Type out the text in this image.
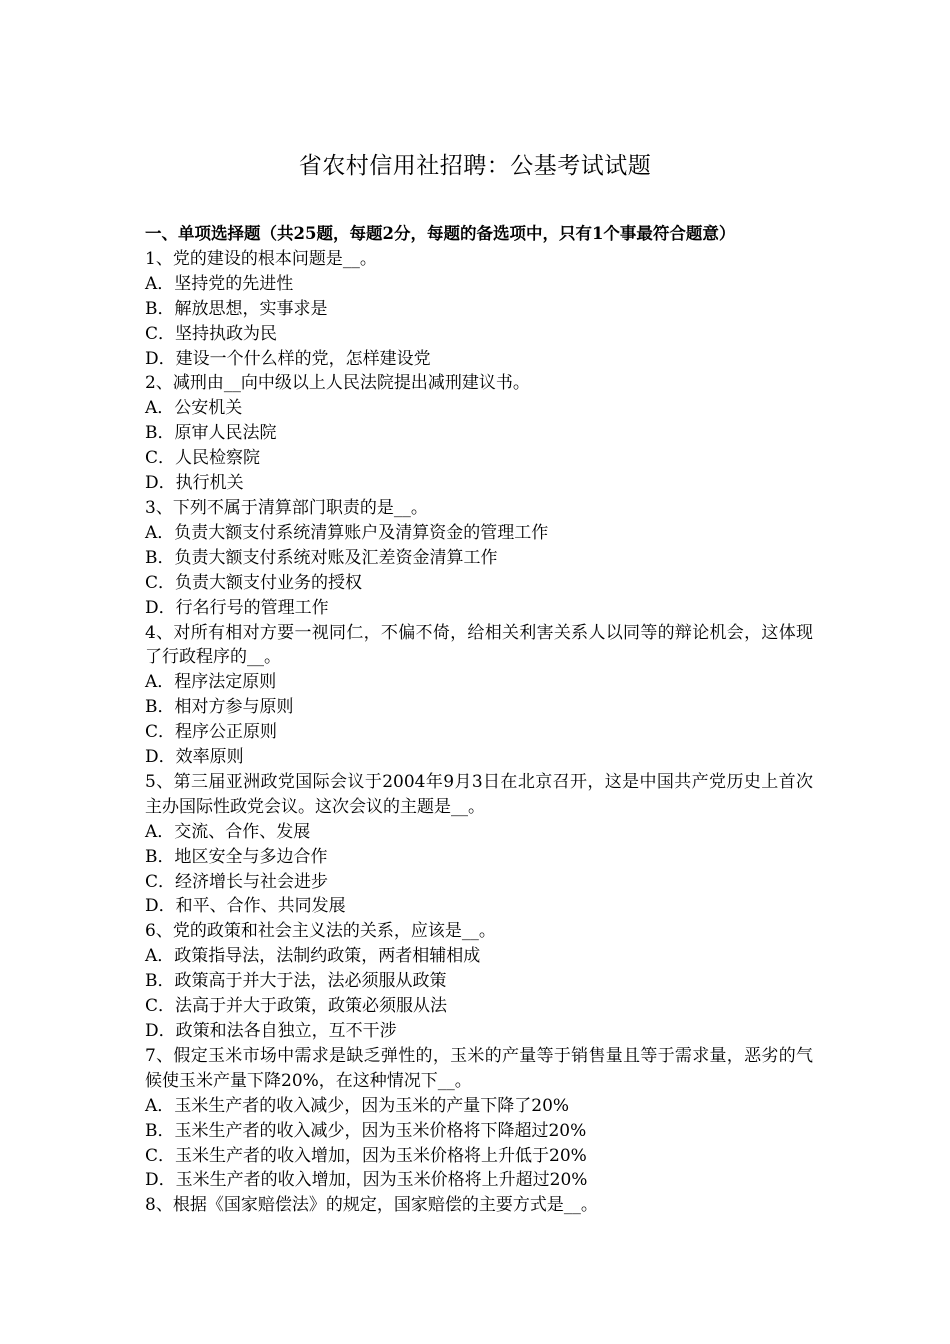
省农村信用社招聘：公基考试试题
一、单项选择题（共25题，每题2分，每题的备选项中，只有1个事最符合题意）
1、党的建设的根本问题是__。
A．坚持党的先进性
B．解放思想，实事求是
C．坚持执政为民
D．建设一个什么样的党，怎样建设党
2、减刑由__向中级以上人民法院提出减刑建议书。
A．公安机关
B．原审人民法院
C．人民检察院
D．执行机关
3、下列不属于清算部门职责的是__。
A．负责大额支付系统清算账户及清算资金的管理工作
B．负责大额支付系统对账及汇差资金清算工作
C．负责大额支付业务的授权
D．行名行号的管理工作
4、对所有相对方要一视同仁，不偏不倚，给相关利害关系人以同等的辩论机会，这体现了行政程序的__。
A．程序法定原则
B．相对方参与原则
C．程序公正原则
D．效率原则
5、第三届亚洲政党国际会议于2004年9月3日在北京召开，这是中国共产党历史上首次主办国际性政党会议。这次会议的主题是__。
A．交流、合作、发展
B．地区安全与多边合作
C．经济增长与社会进步
D．和平、合作、共同发展
6、党的政策和社会主义法的关系，应该是__。
A．政策指导法，法制约政策，两者相辅相成
B．政策高于并大于法，法必须服从政策
C．法高于并大于政策，政策必须服从法
D．政策和法各自独立，互不干涉
7、假定玉米市场中需求是缺乏弹性的，玉米的产量等于销售量且等于需求量，恶劣的气候使玉米产量下降20%，在这种情况下__。
A．玉米生产者的收入减少，因为玉米的产量下降了20%
B．玉米生产者的收入减少，因为玉米价格将下降超过20%
C．玉米生产者的收入增加，因为玉米价格将上升低于20%
D．玉米生产者的收入增加，因为玉米价格将上升超过20%
8、根据《国家赔偿法》的规定，国家赔偿的主要方式是__。
